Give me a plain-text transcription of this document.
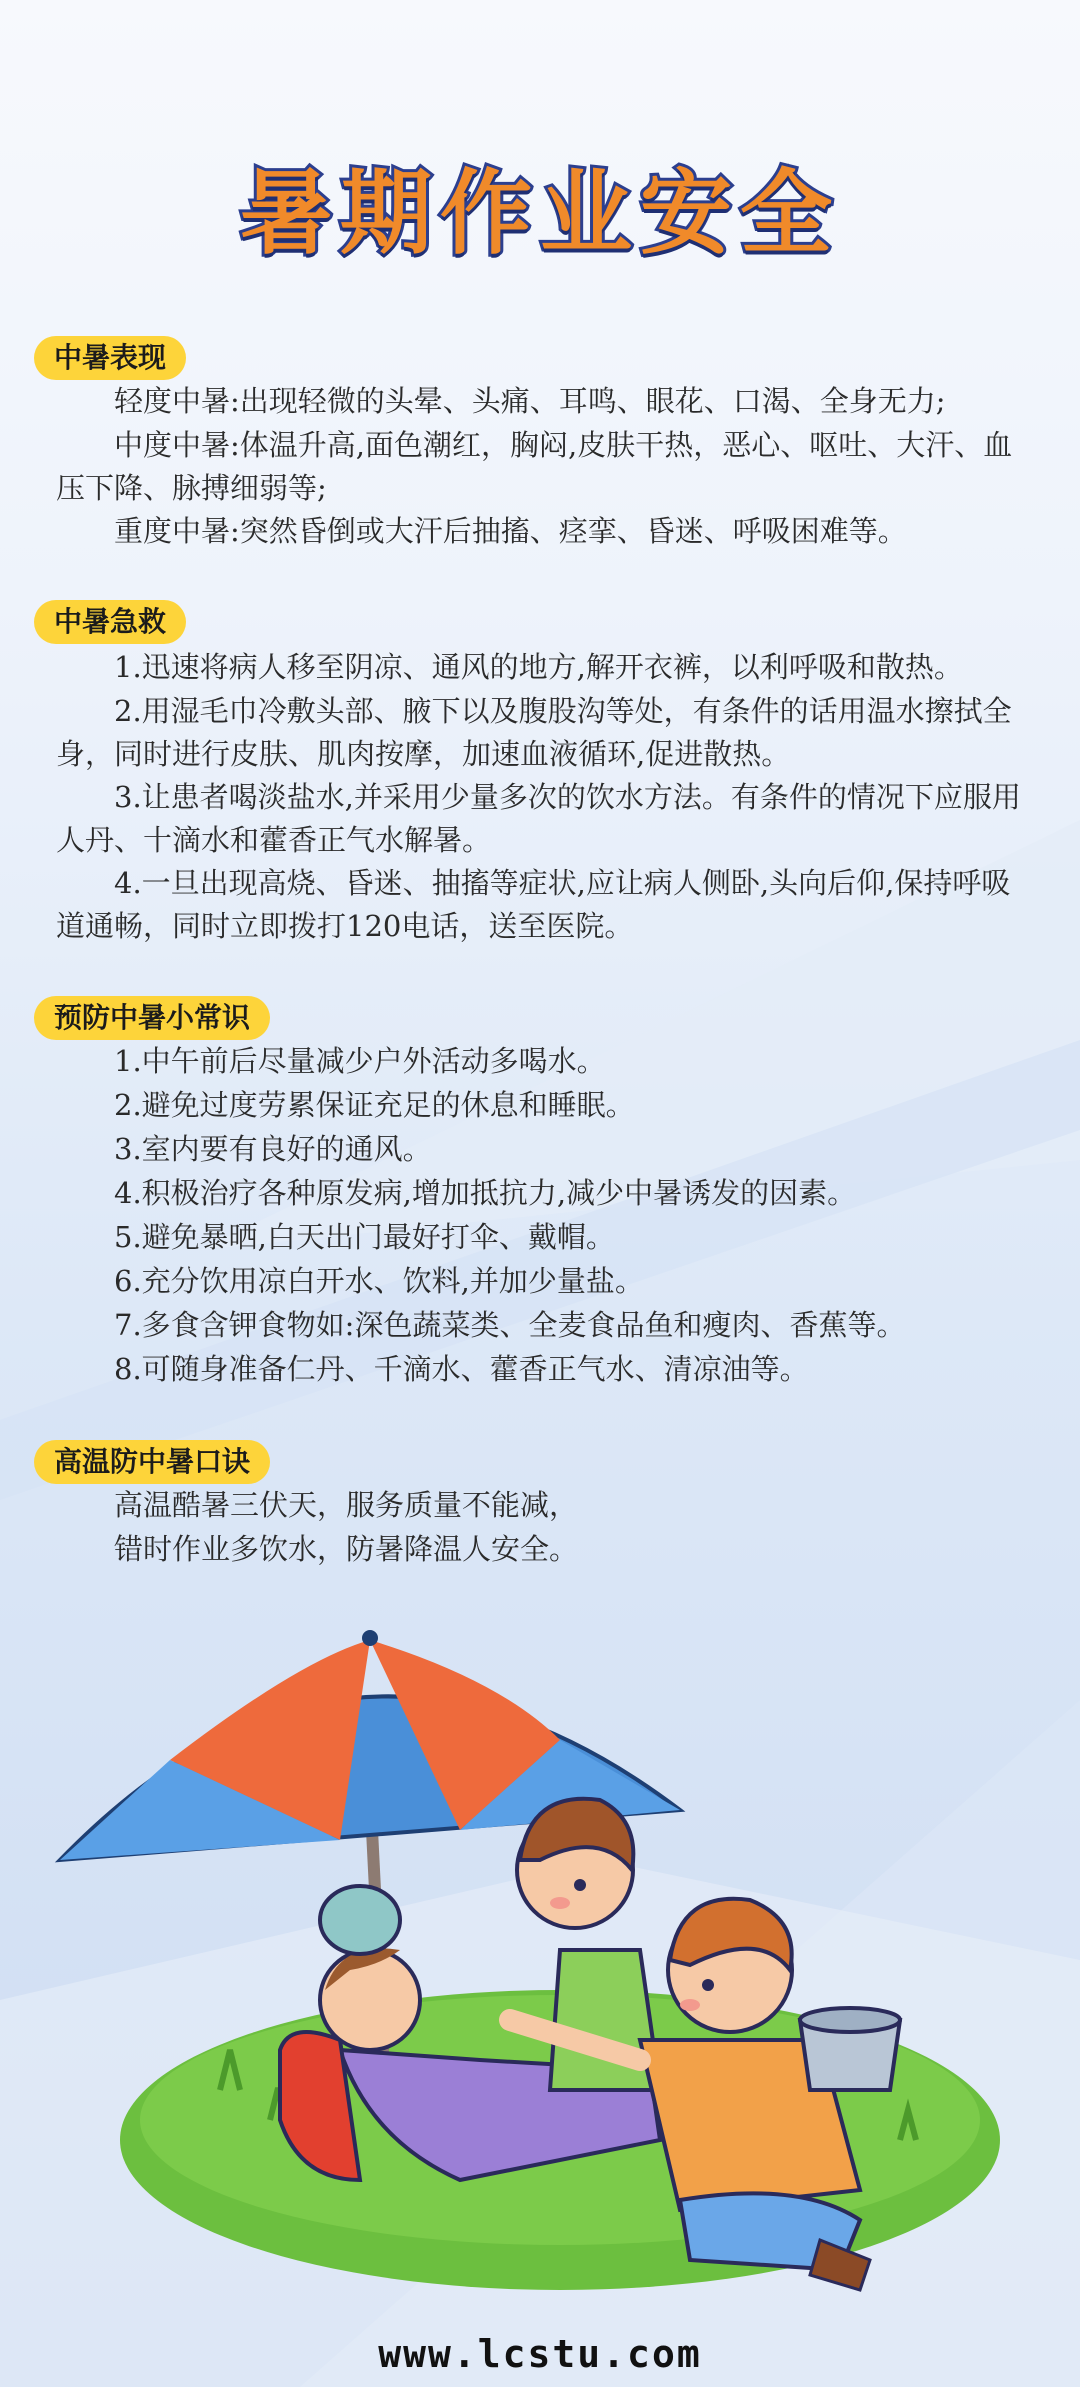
暑期作业安全
中暑表现

轻度中暑:出现轻微的头晕、头痛、耳鸣、眼花、口渴、全身无力;

中度中暑:体温升高,面色潮红，胸闷,皮肤干热，恶心、呕吐、大汗、血压下降、脉搏细弱等;

重度中暑:突然昏倒或大汗后抽搐、痉挛、昏迷、呼吸困难等。

中暑急救

1.迅速将病人移至阴凉、通风的地方,解开衣裤，以利呼吸和散热。

2.用湿毛巾冷敷头部、腋下以及腹股沟等处，有条件的话用温水擦拭全身，同时进行皮肤、肌肉按摩，加速血液循环,促进散热。

3.让患者喝淡盐水,并采用少量多次的饮水方法。有条件的情况下应服用人丹、十滴水和藿香正气水解暑。

4.一旦出现高烧、昏迷、抽搐等症状,应让病人侧卧,头向后仰,保持呼吸道通畅，同时立即拨打120电话，送至医院。

预防中暑小常识
1.中午前后尽量减少户外活动多喝水。
2.避免过度劳累保证充足的休息和睡眠。
3.室内要有良好的通风。
4.积极治疗各种原发病,增加抵抗力,减少中暑诱发的因素。
5.避免暴晒,白天出门最好打伞、戴帽。
6.充分饮用凉白开水、饮料,并加少量盐。
7.多食含钾食物如:深色蔬菜类、全麦食品鱼和瘦肉、香蕉等。
8.可随身准备仁丹、千滴水、藿香正气水、清凉油等。
高温防中暑口诀
高温酷暑三伏天，服务质量不能减，
错时作业多饮水，防暑降温人安全。
www.lcstu.com
